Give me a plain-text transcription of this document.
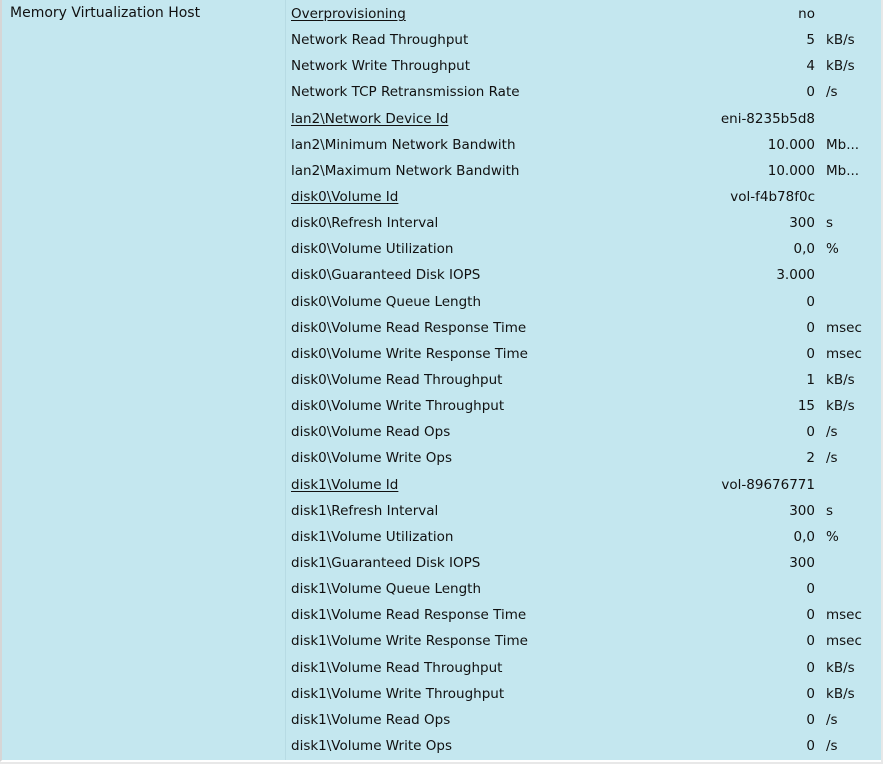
Memory Virtualization Host	Overprovisioning	no
Network Read Throughput	5 kB/s
Network Write Throughput	4 kB/s
Network TCP Retransmission Rate	0 /s
lan2\Network Device Id	eni-8235b5d8
lan2\Minimum Network Bandwith	10.000 Mb...
lan2\Maximum Network Bandwith	10.000 Mb...
disk0\Volume Id	vol-f4b78f0c
disk0\Refresh Interval	300 s
disk0\Volume Utilization	0,0 %
disk0\Guaranteed Disk IOPS	3.000
disk0\Volume Queue Length	0
disk0\Volume Read Response Time	0 msec
disk0\Volume Write Response Time	0 msec
disk0\Volume Read Throughput	1 kB/s
disk0\Volume Write Throughput	15 kB/s
disk0\Volume Read Ops	0 /s
disk0\Volume Write Ops	2 /s
disk1\Volume Id	vol-89676771
disk1\Refresh Interval	300 s
disk1\Volume Utilization	0,0 %
disk1\Guaranteed Disk IOPS	300
disk1\Volume Queue Length	0
disk1\Volume Read Response Time	0 msec
disk1\Volume Write Response Time	0 msec
disk1\Volume Read Throughput	0 kB/s
disk1\Volume Write Throughput	0 kB/s
disk1\Volume Read Ops	0 /s
disk1\Volume Write Ops	0 /s
